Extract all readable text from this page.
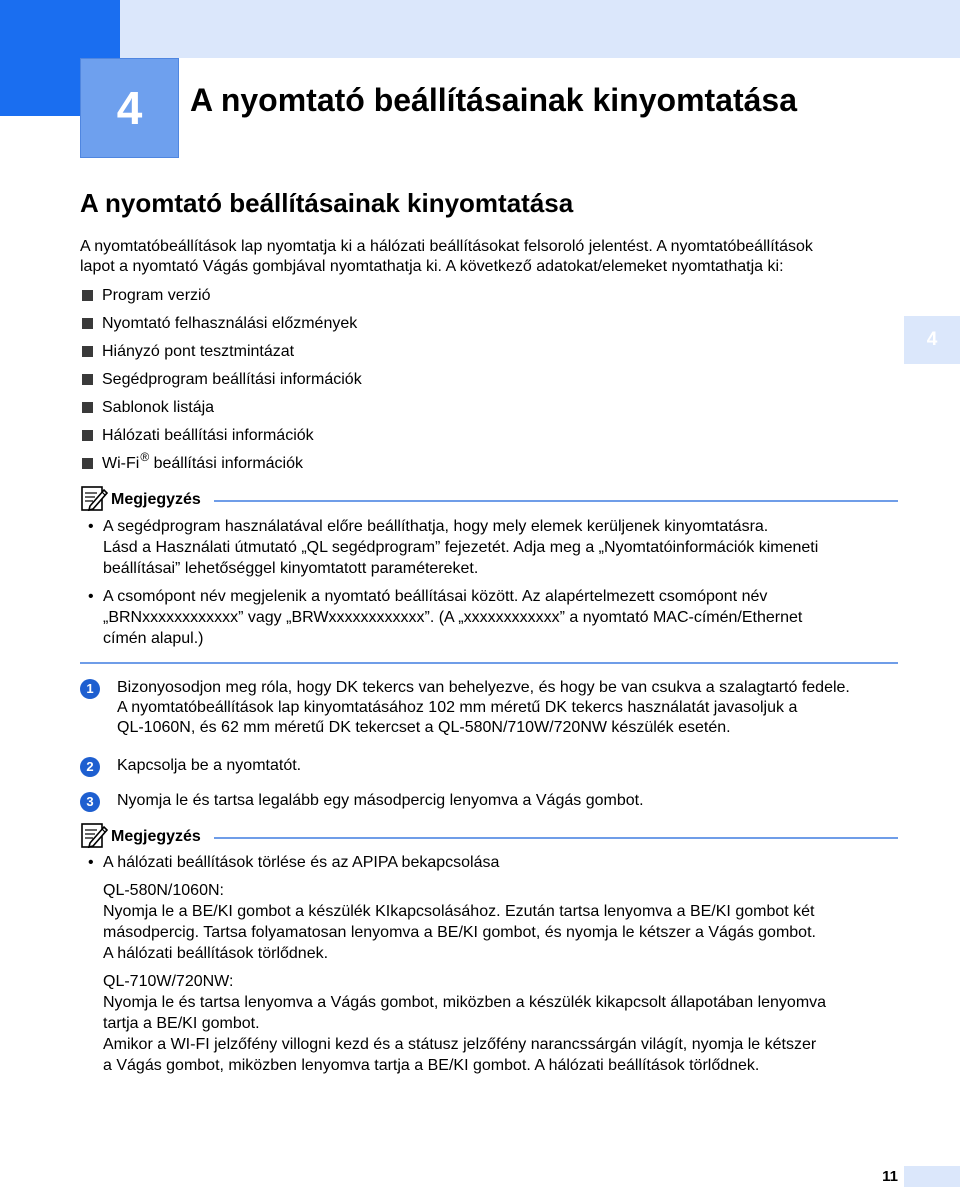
4	A nyomtató beállításainak kinyomtatása
4
A nyomtató beállításainak kinyomtatása

A nyomtatóbeállítások lap nyomtatja ki a hálózati beállításokat felsoroló jelentést. A nyomtatóbeállítások

lapot a nyomtató Vágás gombjával nyomtathatja ki. A következő adatokat/elemeket nyomtathatja ki:

Program verzió
Nyomtató felhasználási előzmények
Hiányzó pont tesztmintázat
Segédprogram beállítási információk
Sablonok listája
Hálózati beállítási információk
Wi-Fi ® beállítási információk
Megjegyzés
• A segédprogram használatával előre beállíthatja, hogy mely elemek kerüljenek kinyomtatásra.

Lásd a Használati útmutató „QL segédprogram” fejezetét. Adja meg a „Nyomtatóinformációk kimeneti

beállításai” lehetőséggel kinyomtatott paramétereket.

• A csomópont név megjelenik a nyomtató beállításai között. Az alapértelmezett csomópont név

„BRNxxxxxxxxxxxx” vagy „BRWxxxxxxxxxxxx”. (A „xxxxxxxxxxxx” a nyomtató MAC-címén/Ethernet

címén alapul.)

1	Bizonyosodjon meg róla, hogy DK tekercs van behelyezve, és hogy be van csukva a szalagtartó fedele.
A nyomtatóbeállítások lap kinyomtatásához 102 mm méretű DK tekercs használatát javasoljuk a
QL-1060N, és 62 mm méretű DK tekercset a QL-580N/710W/720NW készülék esetén.
2	Kapcsolja be a nyomtatót.
3	Nyomja le és tartsa legalább egy másodpercig lenyomva a Vágás gombot.
Megjegyzés
• A hálózati beállítások törlése és az APIPA bekapcsolása

QL-580N/1060N:

Nyomja le a BE/KI gombot a készülék KIkapcsolásához. Ezután tartsa lenyomva a BE/KI gombot két

másodpercig. Tartsa folyamatosan lenyomva a BE/KI gombot, és nyomja le kétszer a Vágás gombot.

A hálózati beállítások törlődnek.

QL-710W/720NW:

Nyomja le és tartsa lenyomva a Vágás gombot, miközben a készülék kikapcsolt állapotában lenyomva

tartja a BE/KI gombot.

Amikor a WI-FI jelzőfény villogni kezd és a státusz jelzőfény narancssárgán világít, nyomja le kétszer

a Vágás gombot, miközben lenyomva tartja a BE/KI gombot. A hálózati beállítások törlődnek.

11
